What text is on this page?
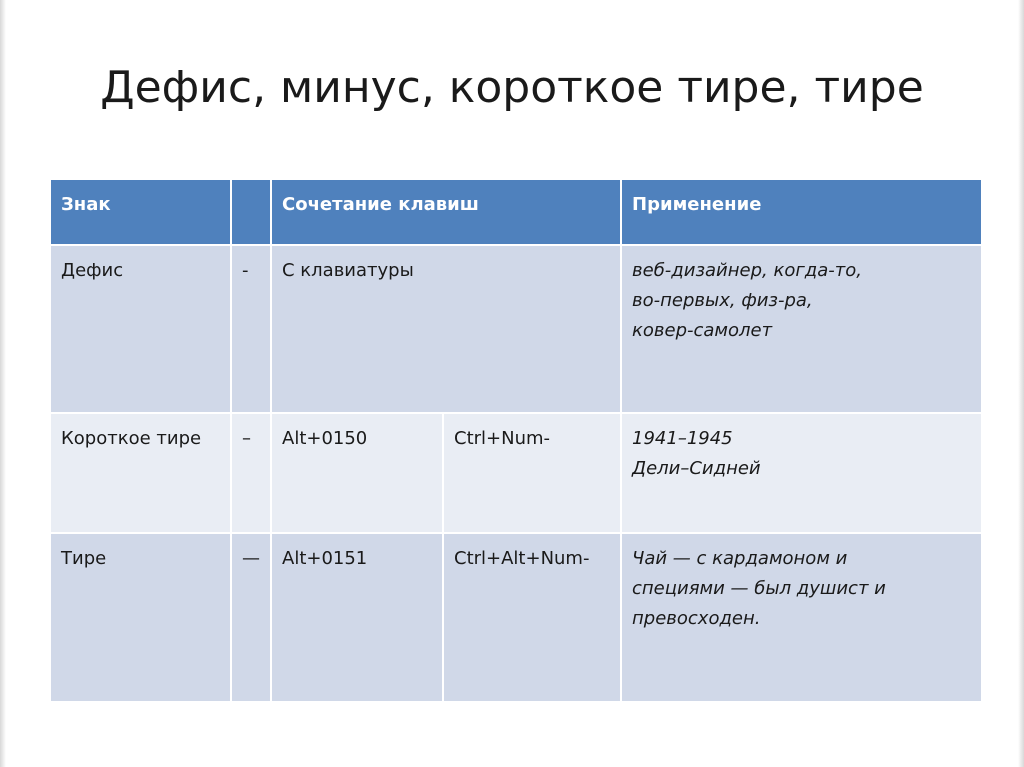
Дефис, минус, короткое тире, тире
Знак		Сочетание клавиш		Применение
Дефис	-	С клавиатуры		веб-дизайнер, когда-то,
во-первых, физ-ра,
ковер-самолет

Короткое тире	–	Alt+0150	Ctrl+Num-	1941–1945
Дели–Сидней

Тире	—	Alt+0151	Ctrl+Alt+Num-	Чай — с кардамоном и
специями — был душист и
превосходен.
